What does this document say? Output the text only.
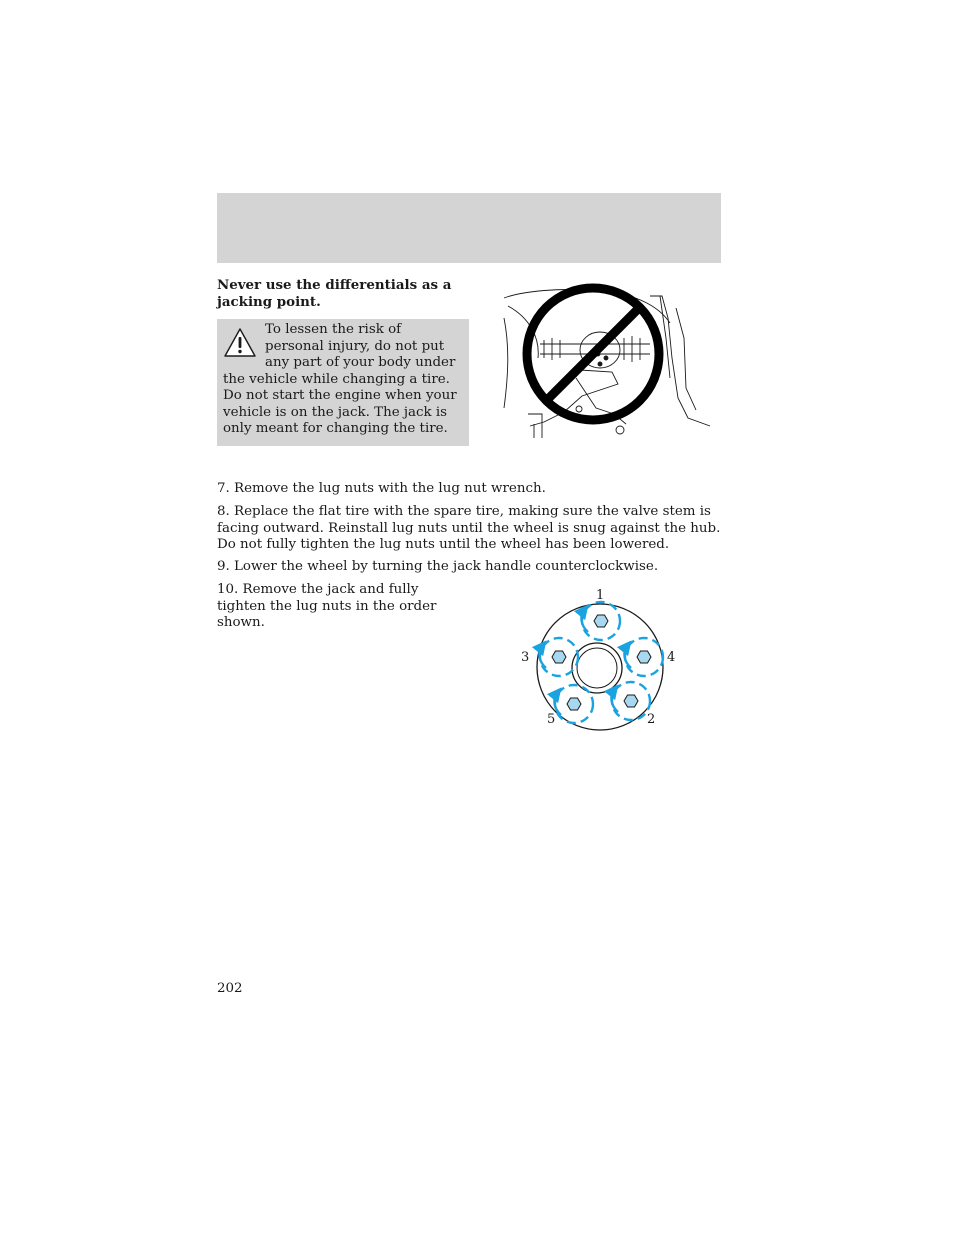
Never use the differentials as a jacking point.

To lessen the risk of personal injury, do not put any part of your body under the vehicle while changing a tire. Do not start the engine when your vehicle is on the jack. The jack is only meant for changing the tire.

7. Remove the lug nuts with the lug nut wrench.

8. Replace the flat tire with the spare tire, making sure the valve stem is facing outward. Reinstall lug nuts until the wheel is snug against the hub. Do not fully tighten the lug nuts until the wheel has been lowered.

9. Lower the wheel by turning the jack handle counterclockwise.

10. Remove the jack and fully tighten the lug nuts in the order shown.

1
2
3	4
5
202
